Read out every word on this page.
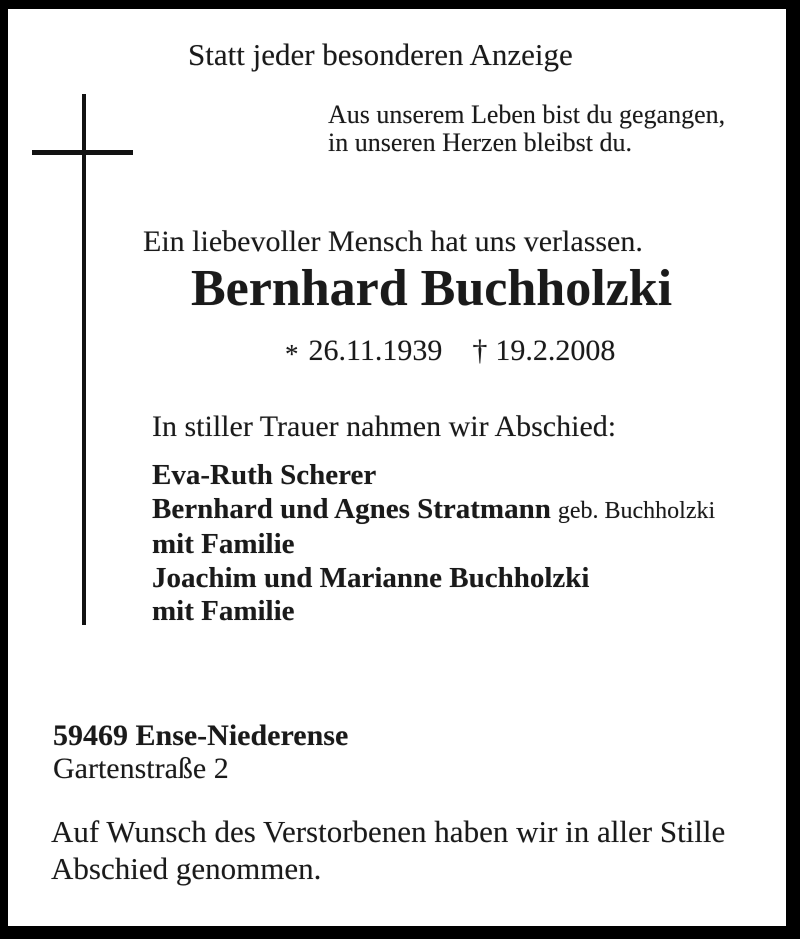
Statt jeder besonderen Anzeige
Aus unserem Leben bist du gegangen,
in unseren Herzen bleibst du.
Ein liebevoller Mensch hat uns verlassen.
Bernhard Buchholzki
* 26.11.1939 † 19.2.2008
In stiller Trauer nahmen wir Abschied:
Eva-Ruth Scherer
Bernhard und Agnes Stratmann geb. Buchholzki
mit Familie
Joachim und Marianne Buchholzki
mit Familie
59469 Ense-Niederense
Gartenstraße 2
Auf Wunsch des Verstorbenen haben wir in aller Stille
Abschied genommen.
